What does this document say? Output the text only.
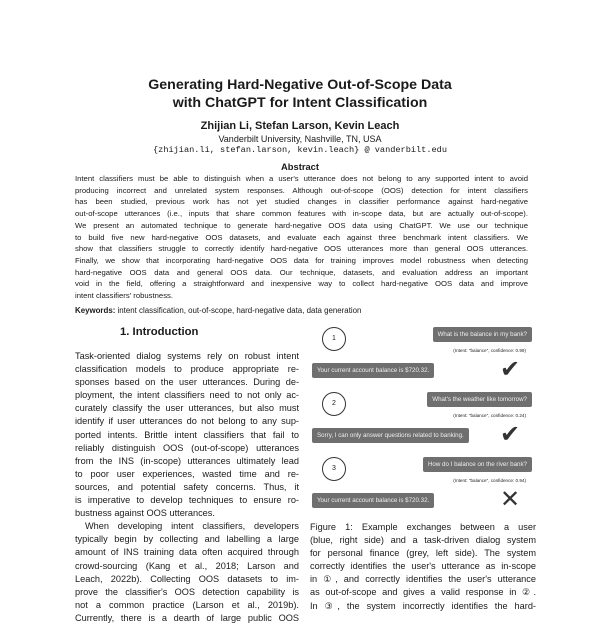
Generating Hard-Negative Out-of-Scope Data
with ChatGPT for Intent Classification
Zhijian Li, Stefan Larson, Kevin Leach
Vanderbilt University, Nashville, TN, USA
{zhijian.li, stefan.larson, kevin.leach} @ vanderbilt.edu
Abstract
Intent classifiers must be able to distinguish when a user's utterance does not belong to any supported intent to avoid
producing incorrect and unrelated system responses. Although out-of-scope (OOS) detection for intent classifiers
has been studied, previous work has not yet studied changes in classifier performance against hard-negative
out-of-scope utterances (i.e., inputs that share common features with in-scope data, but are actually out-of-scope).
We present an automated technique to generate hard-negative OOS data using ChatGPT. We use our technique
to build five new hard-negative OOS datasets, and evaluate each against three benchmark intent classifiers. We
show that classifiers struggle to correctly identify hard-negative OOS utterances more than general OOS utterances.
Finally, we show that incorporating hard-negative OOS data for training improves model robustness when detecting
hard-negative OOS data and general OOS data. Our technique, datasets, and evaluation address an important
void in the field, offering a straightforward and inexpensive way to collect hard-negative OOS data and improve
intent classifiers' robustness.
Keywords: intent classification, out-of-scope, hard-negative data, data generation
1. Introduction
Task-oriented dialog systems rely on robust intent
classification models to produce appropriate re-
sponses based on the user utterances. During de-
ployment, the intent classifiers need to not only ac-
curately classify the user utterances, but also must
identify if user utterances do not belong to any sup-
ported intents. Brittle intent classifiers that fail to
reliably distinguish OOS (out-of-scope) utterances
from the INS (in-scope) utterances ultimately lead
to poor user experiences, wasted time and re-
sources, and potential safety concerns. Thus, it
is imperative to develop techniques to ensure ro-
bustness against OOS utterances.
When developing intent classifiers, developers
typically begin by collecting and labelling a large
amount of INS training data often acquired through
crowd-sourcing (Kang et al., 2018; Larson and
Leach, 2022b). Collecting OOS datasets to im-
prove the classifier's OOS detection capability is
not a common practice (Larson et al., 2019b).
Currently, there is a dearth of large public OOS
1
What is the balance in my bank?
(Intent: "balance", confidence: 0.99)
Your current account balance is $720.32.	✔
2
What's the weather like tomorrow?
(Intent: "balance", confidence: 0.24)
Sorry, I can only answer questions related to banking. ✔
3
How do I balance on the river bank?
(Intent: "balance", confidence: 0.94)
Your current account balance is $720.32.	✕
Figure 1: Example exchanges between a user
(blue, right side) and a task-driven dialog system
for personal finance (grey, left side). The system
correctly identifies the user's utterance as in-scope
in ①, and correctly identifies the user's utterance
as out-of-scope and gives a valid response in ②.
In ③, the system incorrectly identifies the hard-
